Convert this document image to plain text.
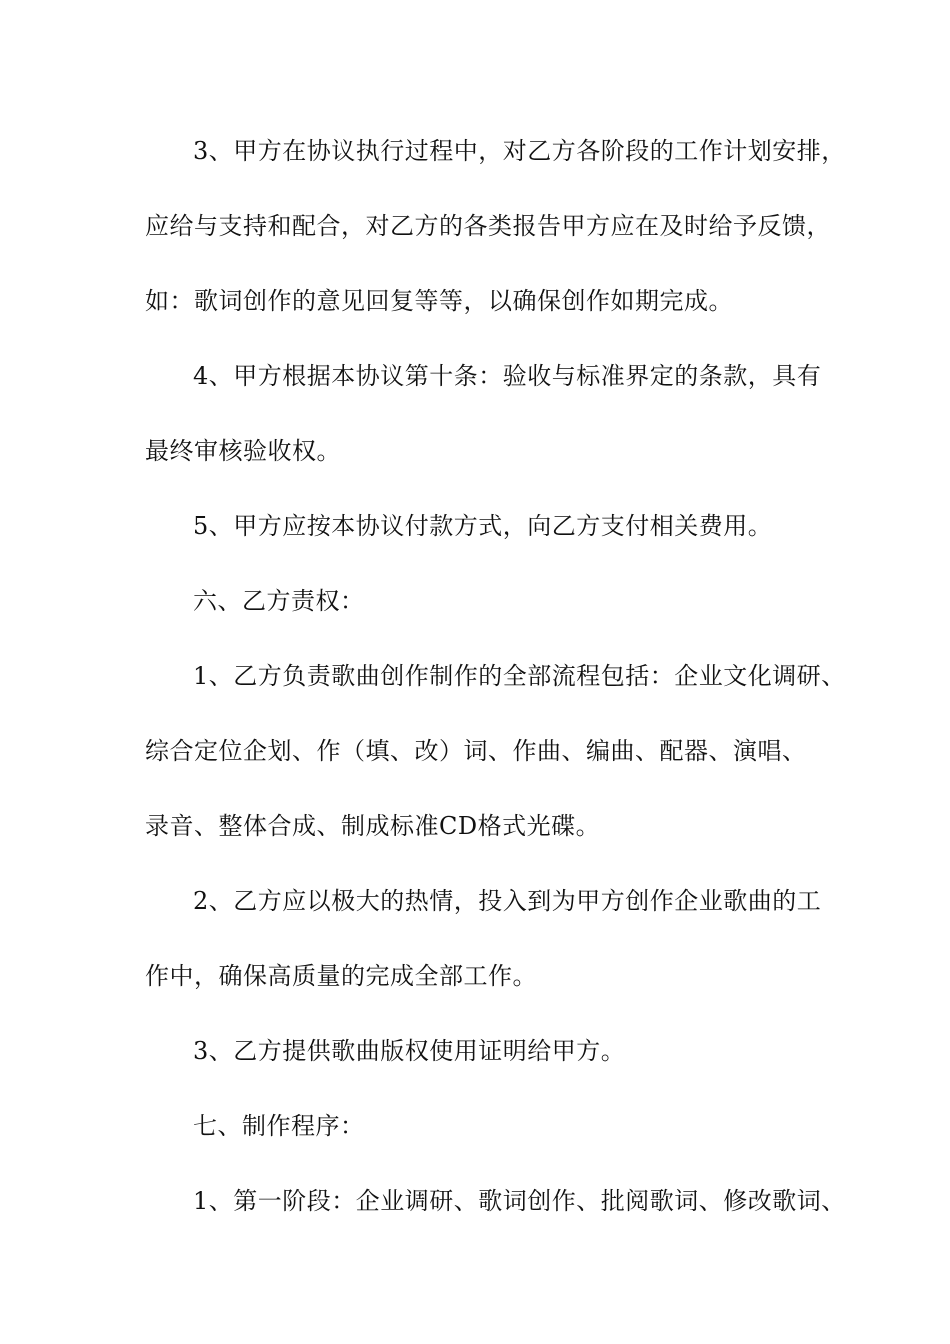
3、甲方在协议执行过程中，对乙方各阶段的工作计划安排，
应给与支持和配合，对乙方的各类报告甲方应在及时给予反馈，
如：歌词创作的意见回复等等，以确保创作如期完成。
4、甲方根据本协议第十条：验收与标准界定的条款，具有
最终审核验收权。
5、甲方应按本协议付款方式，向乙方支付相关费用。
六、乙方责权：
1、乙方负责歌曲创作制作的全部流程包括：企业文化调研、
综合定位企划、作（填、改）词、作曲、编曲、配器、演唱、
录音、整体合成、制成标准CD格式光碟。
2、乙方应以极大的热情，投入到为甲方创作企业歌曲的工
作中，确保高质量的完成全部工作。
3、乙方提供歌曲版权使用证明给甲方。
七、制作程序：
1、第一阶段：企业调研、歌词创作、批阅歌词、修改歌词、
